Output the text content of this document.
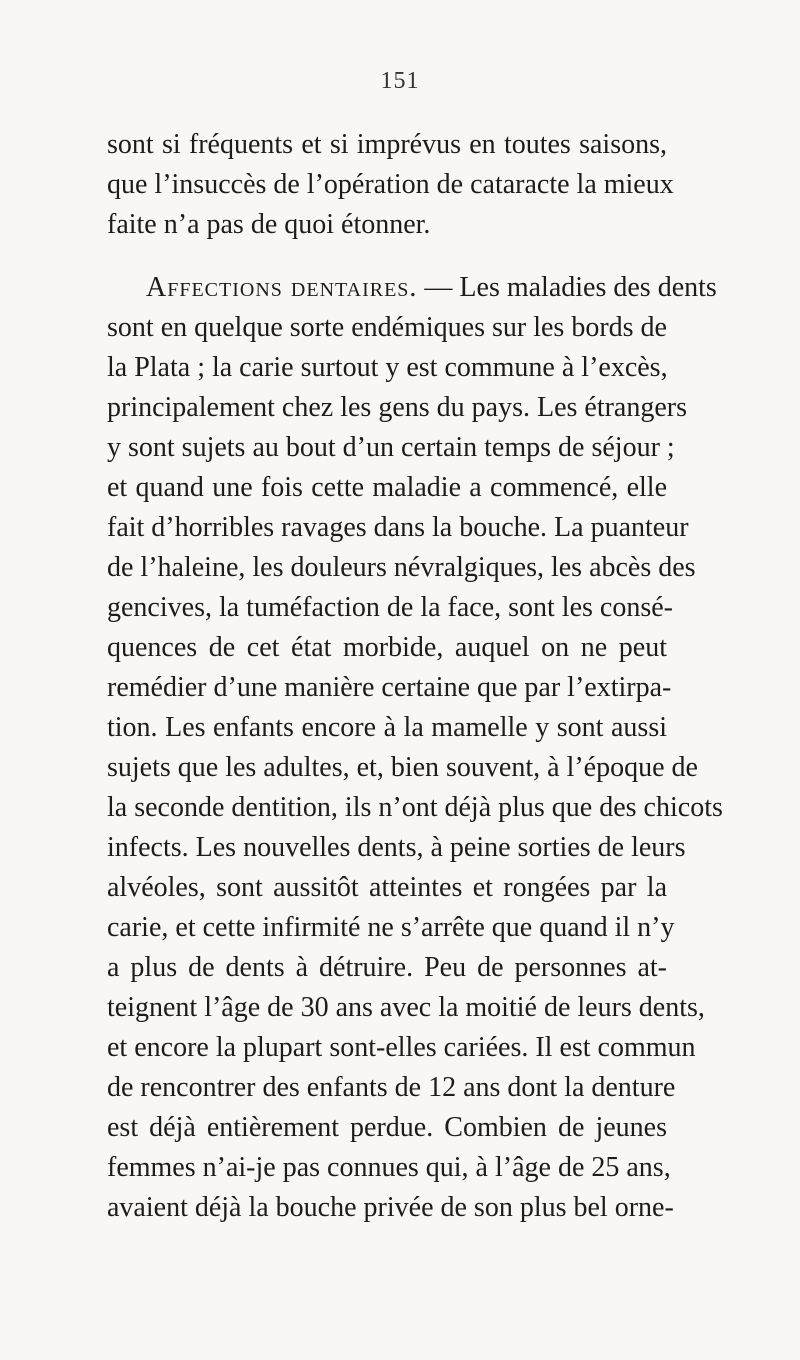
151
sont si fréquents et si imprévus en toutes saisons,
que l’insuccès de l’opération de cataracte la mieux
faite n’a pas de quoi étonner.
Affections dentaires. — Les maladies des dents
sont en quelque sorte endémiques sur les bords de
la Plata ; la carie surtout y est commune à l’excès,
principalement chez les gens du pays. Les étrangers
y sont sujets au bout d’un certain temps de séjour ;
et quand une fois cette maladie a commencé, elle
fait d’horribles ravages dans la bouche. La puanteur
de l’haleine, les douleurs névralgiques, les abcès des
gencives, la tuméfaction de la face, sont les consé-
quences de cet état morbide, auquel on ne peut
remédier d’une manière certaine que par l’extirpa-
tion. Les enfants encore à la mamelle y sont aussi
sujets que les adultes, et, bien souvent, à l’époque de
la seconde dentition, ils n’ont déjà plus que des chicots
infects. Les nouvelles dents, à peine sorties de leurs
alvéoles, sont aussitôt atteintes et rongées par la
carie, et cette infirmité ne s’arrête que quand il n’y
a plus de dents à détruire. Peu de personnes at-
teignent l’âge de 30 ans avec la moitié de leurs dents,
et encore la plupart sont-elles cariées. Il est commun
de rencontrer des enfants de 12 ans dont la denture
est déjà entièrement perdue. Combien de jeunes
femmes n’ai-je pas connues qui, à l’âge de 25 ans,
avaient déjà la bouche privée de son plus bel orne-
